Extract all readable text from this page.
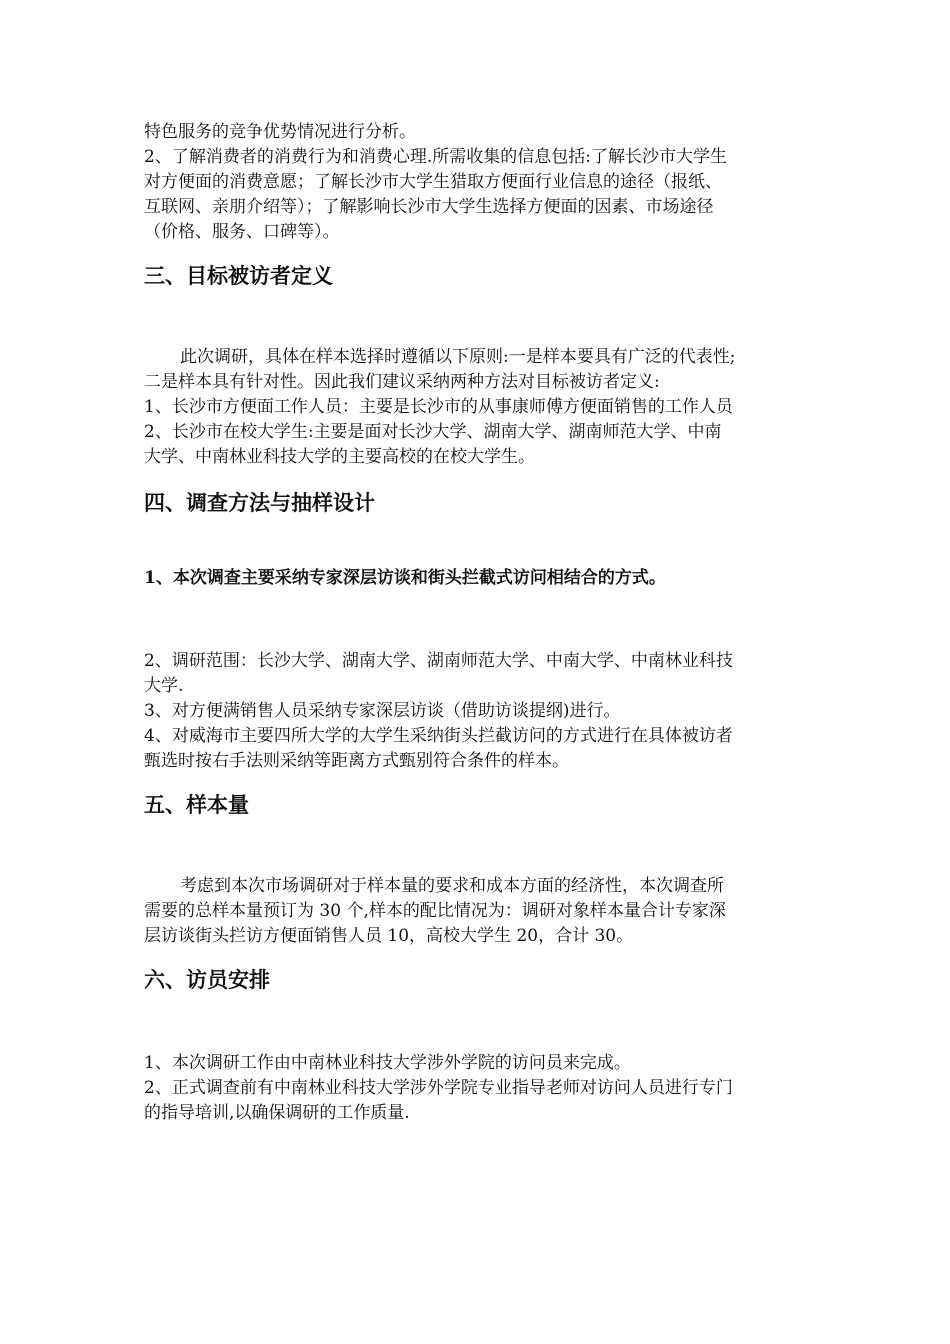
特色服务的竞争优势情况进行分析。

2、了解消费者的消费行为和消费心理.所需收集的信息包括:了解长沙市大学生

对方便面的消费意愿；了解长沙市大学生猎取方便面行业信息的途径（报纸、

互联网、亲朋介绍等）；了解影响长沙市大学生选择方便面的因素、市场途径

（价格、服务、口碑等）。

三、目标被访者定义

此次调研，具体在样本选择时遵循以下原则:一是样本要具有广泛的代表性;

二是样本具有针对性。因此我们建议采纳两种方法对目标被访者定义:

1、长沙市方便面工作人员：主要是长沙市的从事康师傅方便面销售的工作人员

2、长沙市在校大学生:主要是面对长沙大学、湖南大学、湖南师范大学、中南

大学、中南林业科技大学的主要高校的在校大学生。

四、调查方法与抽样设计

1、本次调查主要采纳专家深层访谈和街头拦截式访问相结合的方式。

2、调研范围：长沙大学、湖南大学、湖南师范大学、中南大学、中南林业科技

大学.

3、对方便满销售人员采纳专家深层访谈（借助访谈提纲)进行。

4、对威海市主要四所大学的大学生采纳街头拦截访问的方式进行在具体被访者

甄选时按右手法则采纳等距离方式甄别符合条件的样本。

五、样本量

考虑到本次市场调研对于样本量的要求和成本方面的经济性，本次调查所

需要的总样本量预订为 30 个,样本的配比情况为：调研对象样本量合计专家深

层访谈街头拦访方便面销售人员 10，高校大学生 20，合计 30。

六、访员安排

1、本次调研工作由中南林业科技大学涉外学院的访问员来完成。

2、正式调查前有中南林业科技大学涉外学院专业指导老师对访问人员进行专门

的指导培训,以确保调研的工作质量.
